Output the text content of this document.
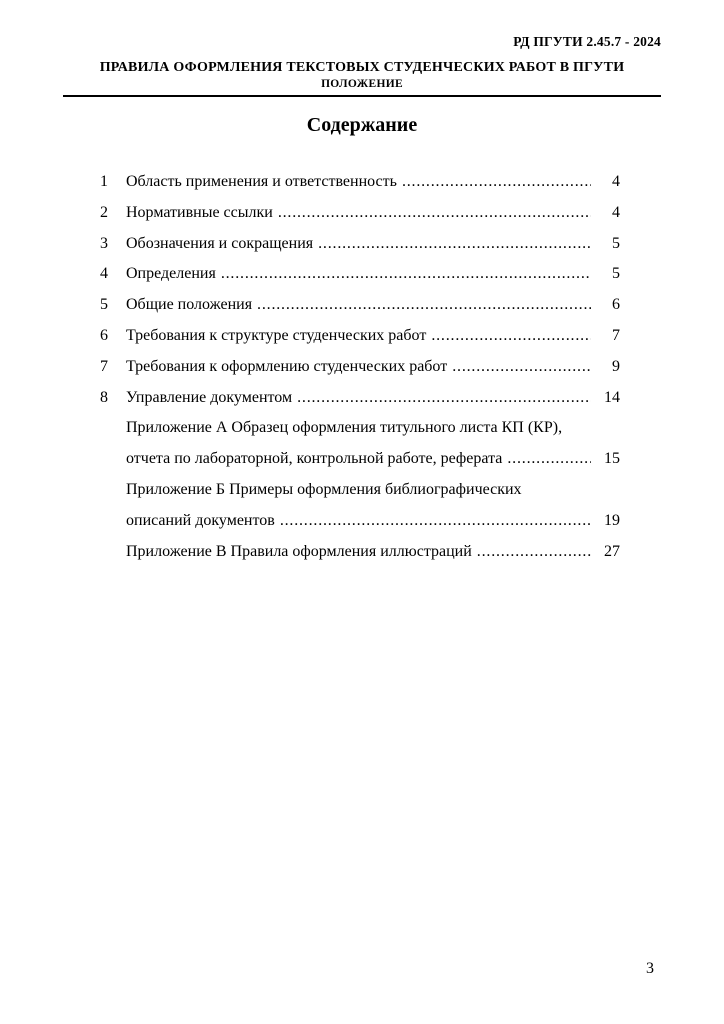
РД ПГУТИ 2.45.7 - 2024
ПРАВИЛА ОФОРМЛЕНИЯ ТЕКСТОВЫХ СТУДЕНЧЕСКИХ РАБОТ В ПГУТИ
ПОЛОЖЕНИЕ
Содержание
1	Область применения и ответственность .....	4
2	Нормативные ссылки .....	4
3	Обозначения и сокращения .....	5
4	Определения .....	5
5	Общие положения .....	6
6	Требования к структуре студенческих работ .....	7
7	Требования к оформлению студенческих работ .....	9
8	Управление документом .....	14
Приложение А Образец оформления титульного листа КП (КР),
отчета по лабораторной, контрольной работе, реферата .....	15
Приложение Б Примеры оформления библиографических
описаний документов .....	19
Приложение В Правила оформления иллюстраций .....	27
3
